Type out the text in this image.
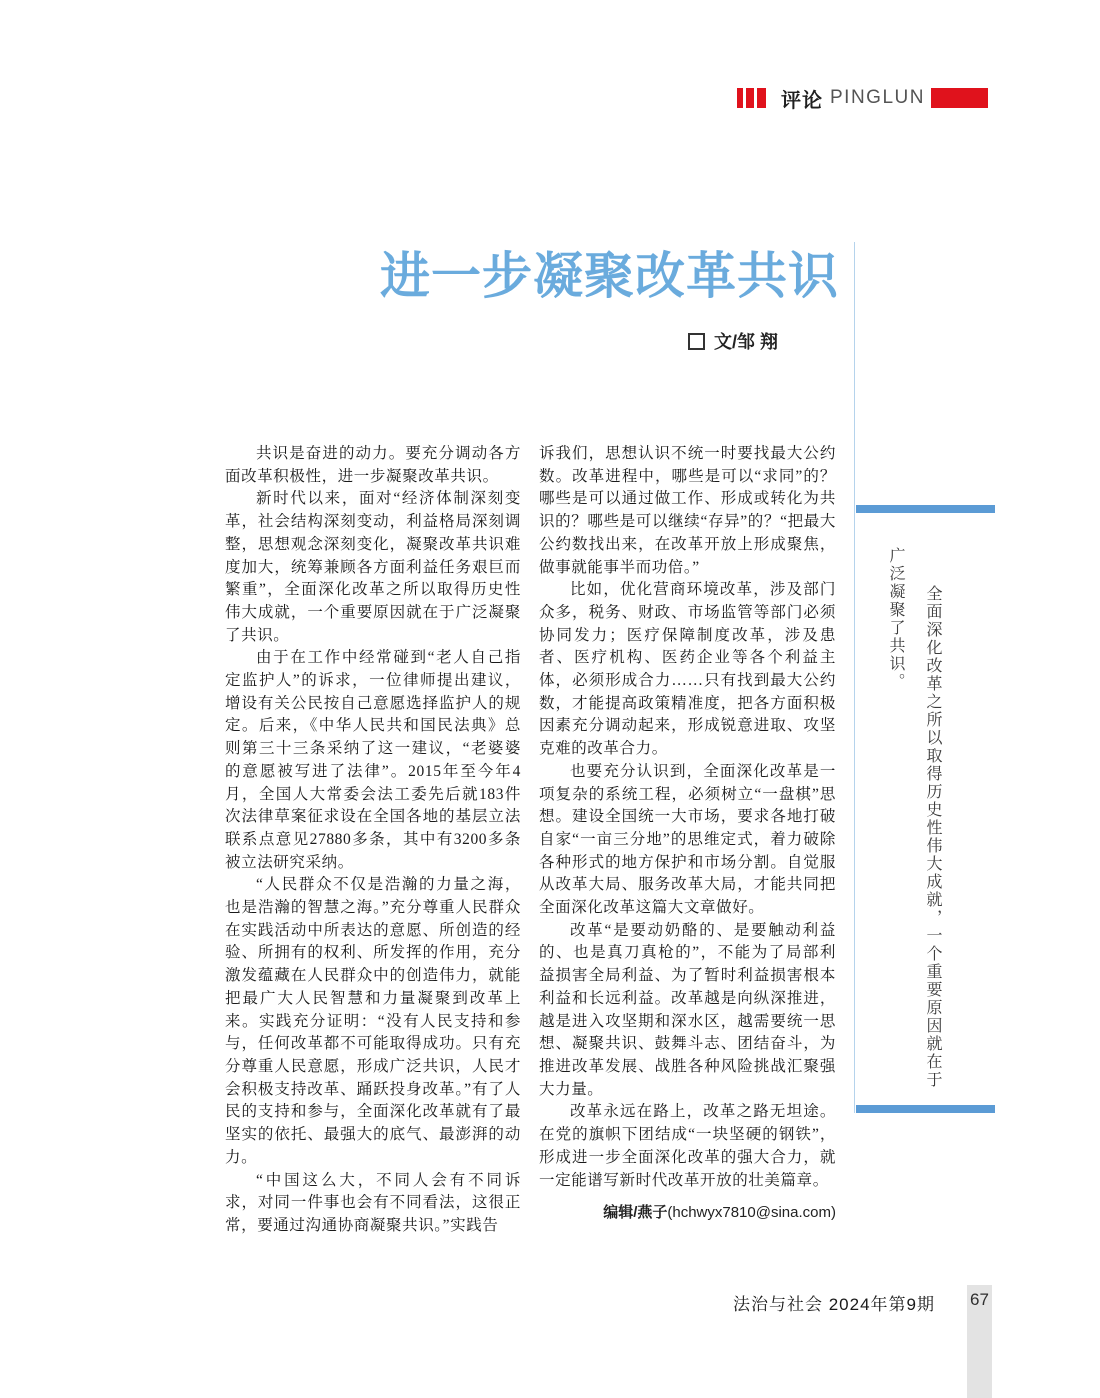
评论 PINGLUN
进一步凝聚改革共识
文/邹 翔

共识是奋进的动力。要充分调动各方面改革积极性，进一步凝聚改革共识。

新时代以来，面对“经济体制深刻变革，社会结构深刻变动，利益格局深刻调整，思想观念深刻变化，凝聚改革共识难度加大，统筹兼顾各方面利益任务艰巨而繁重”，全面深化改革之所以取得历史性伟大成就，一个重要原因就在于广泛凝聚了共识。

由于在工作中经常碰到“老人自己指定监护人”的诉求，一位律师提出建议，增设有关公民按自己意愿选择监护人的规定。后来，《中华人民共和国民法典》总则第三十三条采纳了这一建议，“老婆婆的意愿被写进了法律”。2015年至今年4月，全国人大常委会法工委先后就183件次法律草案征求设在全国各地的基层立法联系点意见27880多条，其中有3200多条被立法研究采纳。

“人民群众不仅是浩瀚的力量之海，也是浩瀚的智慧之海。”充分尊重人民群众在实践活动中所表达的意愿、所创造的经验、所拥有的权利、所发挥的作用，充分激发蕴藏在人民群众中的创造伟力，就能把最广大人民智慧和力量凝聚到改革上来。实践充分证明：“没有人民支持和参与，任何改革都不可能取得成功。只有充分尊重人民意愿，形成广泛共识，人民才会积极支持改革、踊跃投身改革。”有了人民的支持和参与，全面深化改革就有了最坚实的依托、最强大的底气、最澎湃的动力。

“中国这么大，不同人会有不同诉求，对同一件事也会有不同看法，这很正常，要通过沟通协商凝聚共识。”实践告

诉我们，思想认识不统一时要找最大公约数。改革进程中，哪些是可以“求同”的？哪些是可以通过做工作、形成或转化为共识的？哪些是可以继续“存异”的？“把最大公约数找出来，在改革开放上形成聚焦，做事就能事半而功倍。”

比如，优化营商环境改革，涉及部门众多，税务、财政、市场监管等部门必须协同发力；医疗保障制度改革，涉及患者、医疗机构、医药企业等各个利益主体，必须形成合力……只有找到最大公约数，才能提高政策精准度，把各方面积极因素充分调动起来，形成锐意进取、攻坚克难的改革合力。

也要充分认识到，全面深化改革是一项复杂的系统工程，必须树立“一盘棋”思想。建设全国统一大市场，要求各地打破自家“一亩三分地”的思维定式，着力破除各种形式的地方保护和市场分割。自觉服从改革大局、服务改革大局，才能共同把全面深化改革这篇大文章做好。

改革“是要动奶酪的、是要触动利益的、也是真刀真枪的”，不能为了局部利益损害全局利益、为了暂时利益损害根本利益和长远利益。改革越是向纵深推进，越是进入攻坚期和深水区，越需要统一思想、凝聚共识、鼓舞斗志、团结奋斗，为推进改革发展、战胜各种风险挑战汇聚强大力量。

改革永远在路上，改革之路无坦途。在党的旗帜下团结成“一块坚硬的钢铁”，形成进一步全面深化改革的强大合力，就一定能谱写新时代改革开放的壮美篇章。

编辑/燕子(hchwyx7810@sina.com)

全面深化改革之所以取得历史性伟大成就，一个重要原因就在于

广泛凝聚了共识。

法治与社会 2024年第9期 67
